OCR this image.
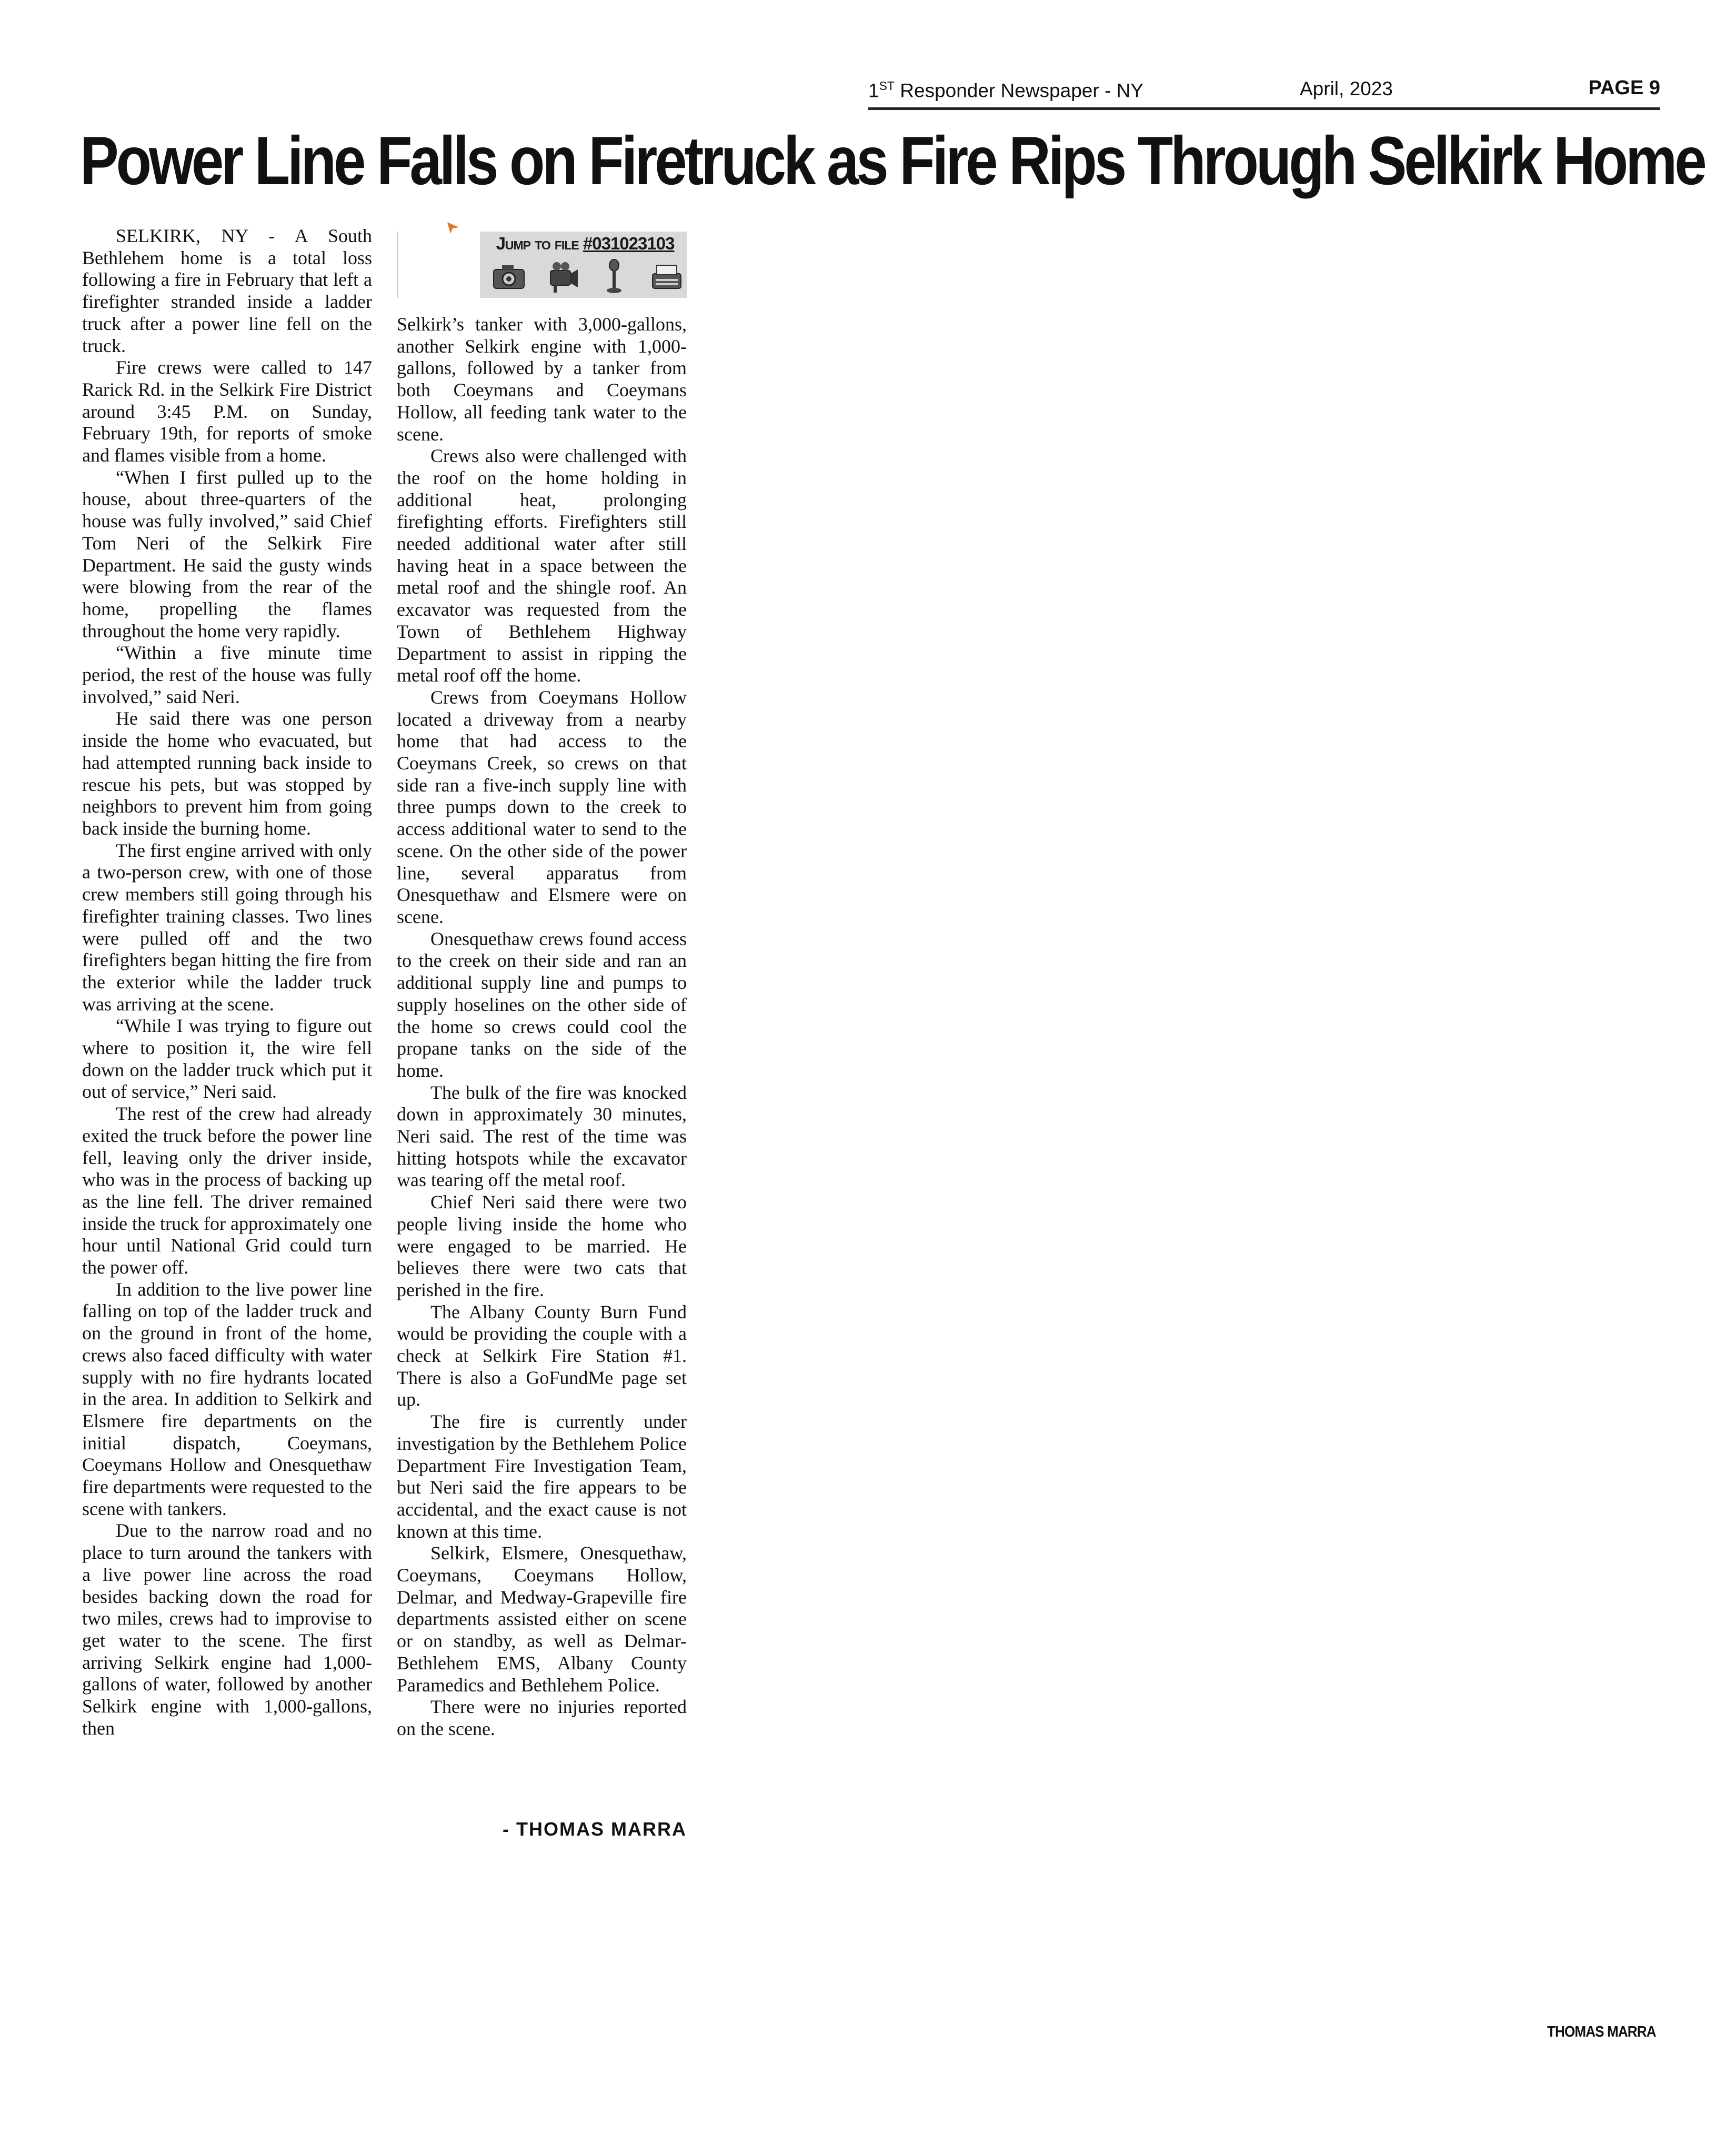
1ST Responder Newspaper - NY	April, 2023	PAGE 9
Power Line Falls on Firetruck as Fire Rips Through Selkirk Home

SELKIRK, NY - A South Bethlehem home is a total loss following a fire in February that left a firefighter stranded inside a ladder truck after a power line fell on the truck.

Fire crews were called to 147 Rarick Rd. in the Selkirk Fire District around 3:45 P.M. on Sunday, February 19th, for reports of smoke and flames visible from a home.

“When I first pulled up to the house, about three-quarters of the house was fully involved,” said Chief Tom Neri of the Selkirk Fire Department. He said the gusty winds were blowing from the rear of the home, propelling the flames throughout the home very rapidly.

“Within a five minute time period, the rest of the house was fully involved,” said Neri.

He said there was one person inside the home who evacuated, but had attempted running back inside to rescue his pets, but was stopped by neighbors to prevent him from going back inside the burning home.

The first engine arrived with only a two-person crew, with one of those crew members still going through his firefighter training classes. Two lines were pulled off and the two firefighters began hitting the fire from the exterior while the ladder truck was arriving at the scene.

“While I was trying to figure out where to position it, the wire fell down on the ladder truck which put it out of service,” Neri said.

The rest of the crew had already exited the truck before the power line fell, leaving only the driver inside, who was in the process of backing up as the line fell. The driver remained inside the truck for approximately one hour until National Grid could turn the power off.

In addition to the live power line falling on top of the ladder truck and on the ground in front of the home, crews also faced difficulty with water supply with no fire hydrants located in the area. In addition to Selkirk and Elsmere fire departments on the initial dispatch, Coeymans, Coeymans Hollow and Onesquethaw fire departments were requested to the scene with tankers.

Due to the narrow road and no place to turn around the tankers with a live power line across the road besides backing down the road for two miles, crews had to improvise to get water to the scene. The first arriving Selkirk engine had 1,000-gallons of water, followed by another Selkirk engine with 1,000-gallons, then

Jump to file #031023103

Selkirk’s tanker with 3,000-gallons, another Selkirk engine with 1,000-gallons, followed by a tanker from both Coeymans and Coeymans Hollow, all feeding tank water to the scene.

Crews also were challenged with the roof on the home holding in additional heat, prolonging firefighting efforts. Firefighters still needed additional water after still having heat in a space between the metal roof and the shingle roof. An excavator was requested from the Town of Bethlehem Highway Department to assist in ripping the metal roof off the home.

Crews from Coeymans Hollow located a driveway from a nearby home that had access to the Coeymans Creek, so crews on that side ran a five-inch supply line with three pumps down to the creek to access additional water to send to the scene. On the other side of the power line, several apparatus from Onesquethaw and Elsmere were on scene.

Onesquethaw crews found access to the creek on their side and ran an additional supply line and pumps to supply hoselines on the other side of the home so crews could cool the propane tanks on the side of the home.

The bulk of the fire was knocked down in approximately 30 minutes, Neri said. The rest of the time was hitting hotspots while the excavator was tearing off the metal roof.

Chief Neri said there were two people living inside the home who were engaged to be married. He believes there were two cats that perished in the fire.

The Albany County Burn Fund would be providing the couple with a check at Selkirk Fire Station #1. There is also a GoFundMe page set up.

The fire is currently under investigation by the Bethlehem Police Department Fire Investigation Team, but Neri said the fire appears to be accidental, and the exact cause is not known at this time.

Selkirk, Elsmere, Onesquethaw, Coeymans, Coeymans Hollow, Delmar, and Medway-Grapeville fire departments assisted either on scene or on standby, as well as Delmar-Bethlehem EMS, Albany County Paramedics and Bethlehem Police.

There were no injuries reported on the scene.

- THOMAS MARRA
THOMAS MARRA
